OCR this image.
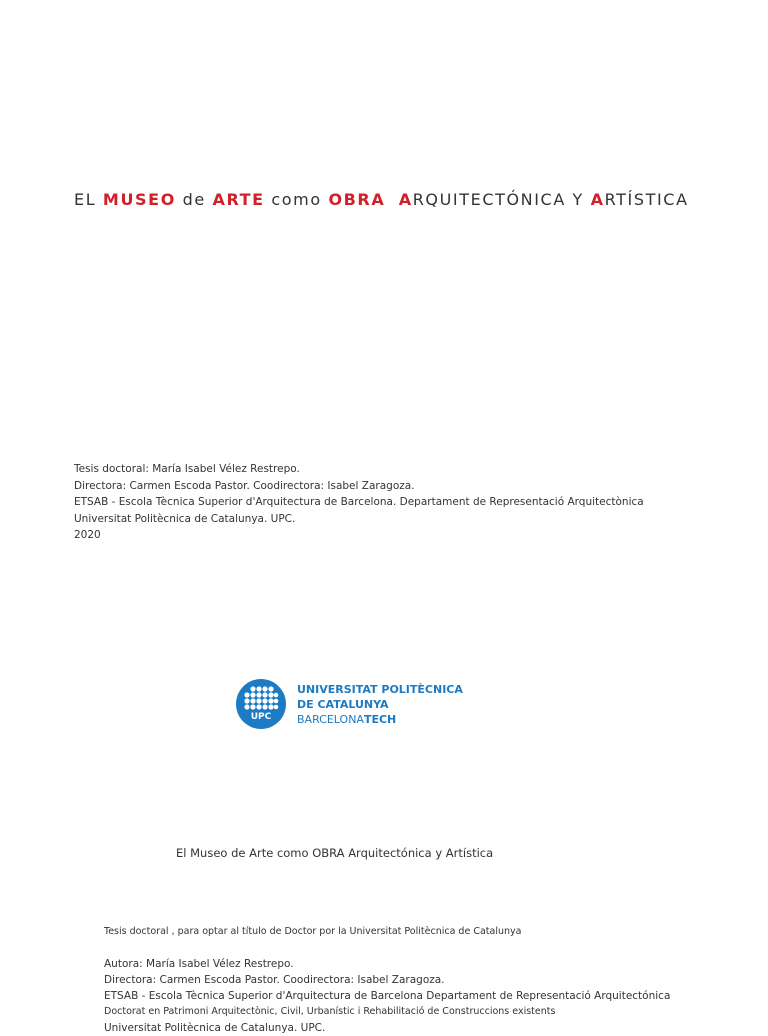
EL MUSEO de ARTE como OBRA ARQUITECTÓNICA Y ARTÍSTICA
Tesis doctoral: María Isabel Vélez Restrepo.
Directora: Carmen Escoda Pastor. Coodirectora: Isabel Zaragoza.
ETSAB - Escola Tècnica Superior d'Arquitectura de Barcelona. Departament de Representació Arquitectònica
Universitat Politècnica de Catalunya. UPC.
2020
UPC
UNIVERSITAT POLITÈCNICA
DE CATALUNYA
BARCELONATECH
El Museo de Arte como OBRA Arquitectónica y Artística
Tesis doctoral , para optar al título de Doctor por la Universitat Politècnica de Catalunya
Autora: María Isabel Vélez Restrepo.
Directora: Carmen Escoda Pastor. Coodirectora: Isabel Zaragoza.
ETSAB - Escola Tècnica Superior d'Arquitectura de Barcelona Departament de Representació Arquitectónica
Doctorat en Patrimoni Arquitectònic, Civil, Urbanístic i Rehabilitació de Construccions existents
Universitat Politècnica de Catalunya. UPC.
